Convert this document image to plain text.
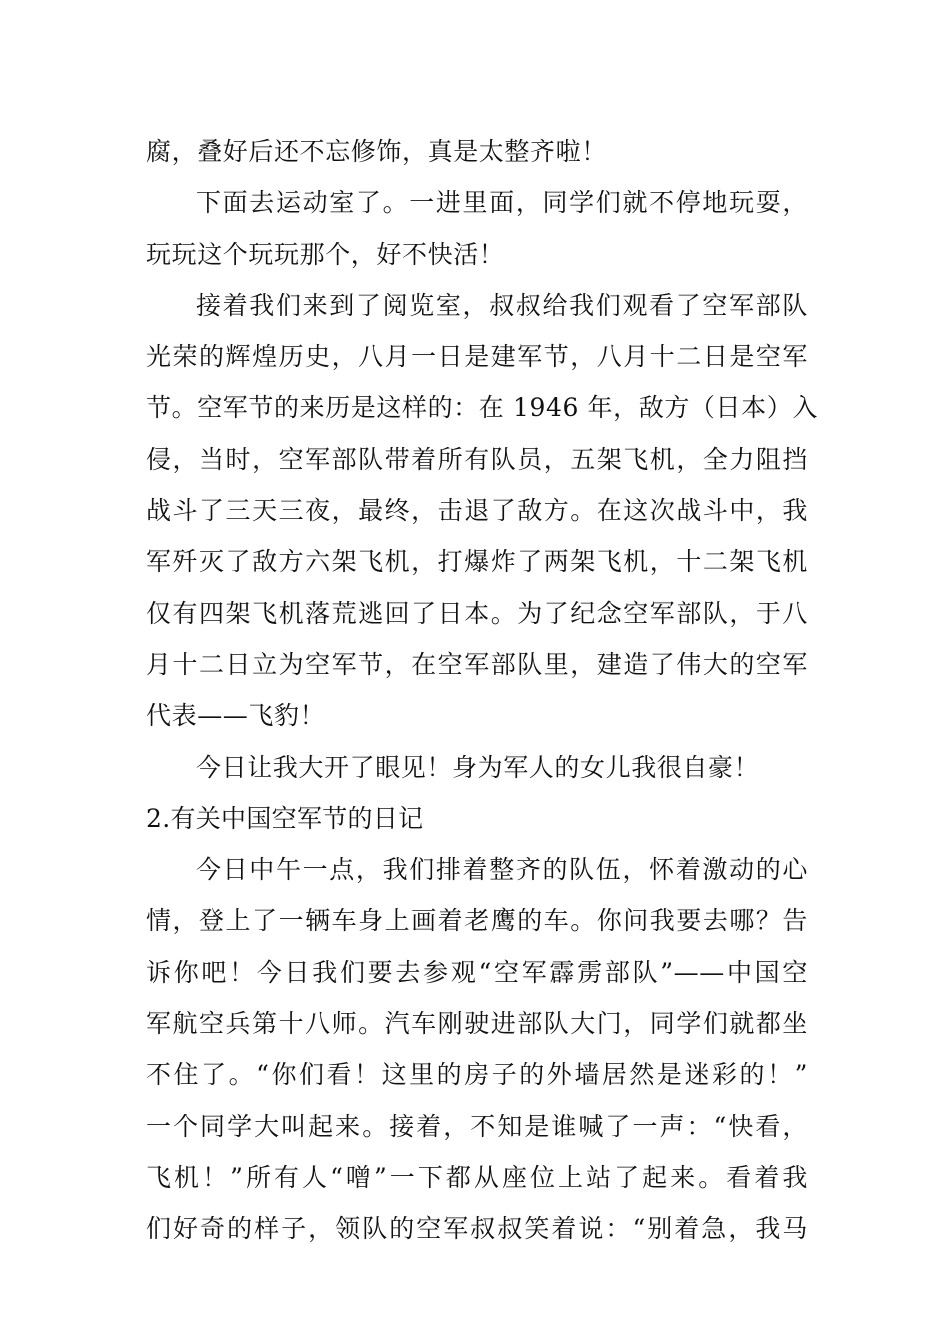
腐，叠好后还不忘修饰，真是太整齐啦！
下面去运动室了。一进里面，同学们就不停地玩耍，
玩玩这个玩玩那个，好不快活！
接着我们来到了阅览室，叔叔给我们观看了空军部队
光荣的辉煌历史，八月一日是建军节，八月十二日是空军
节。空军节的来历是这样的：在 1946 年，敌方（日本）入
侵，当时，空军部队带着所有队员，五架飞机，全力阻挡
战斗了三天三夜，最终，击退了敌方。在这次战斗中，我
军歼灭了敌方六架飞机，打爆炸了两架飞机，十二架飞机
仅有四架飞机落荒逃回了日本。为了纪念空军部队，于八
月十二日立为空军节，在空军部队里，建造了伟大的空军
代表——飞豹！
今日让我大开了眼见！身为军人的女儿我很自豪！
2.有关中国空军节的日记
今日中午一点，我们排着整齐的队伍，怀着激动的心
情，登上了一辆车身上画着老鹰的车。你问我要去哪？告
诉你吧！今日我们要去参观“空军霹雳部队”——中国空
军航空兵第十八师。汽车刚驶进部队大门，同学们就都坐
不住了。“你们看！这里的房子的外墙居然是迷彩的！”
一个同学大叫起来。接着，不知是谁喊了一声：“快看，
飞机！”所有人“噌”一下都从座位上站了起来。看着我
们好奇的样子，领队的空军叔叔笑着说：“别着急，我马
